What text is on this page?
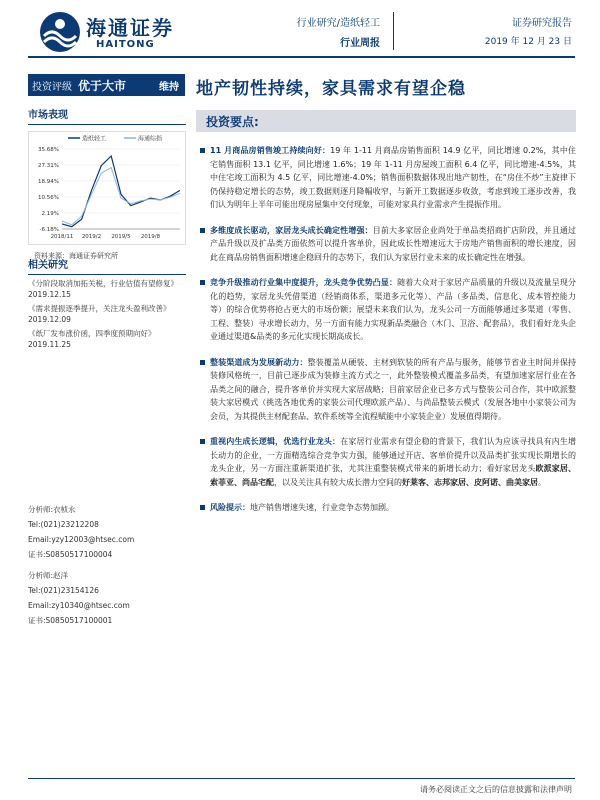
海通证券
HAITONG
行业研究/造纸轻工
行业周报
证券研究报告
2019 年 12 月 23 日
投资评级 优于大市	维持	地产韧性持续，家具需求有望企稳
市场表现
造纸轻工	海通综指
35.68%
27.31%
18.94%
10.56%
2.19%
-6.18%
2018/11 2019/2 2019/5 2019/8
资料来源：海通证券研究所
相关研究
《分阶段取消加拓关税，行业估值有望修复》
2019.12.15
《需求提振逐季提升，关注龙头盈利改善》
2019.12.09
《纸厂发布涨价函，四季度预期向好》
2019.11.25
分析师:衣桢永
Tel:(021)23212208
Email:yzy12003@htsec.com
证书:S0850517100004
分析师:赵洋
Tel:(021)23154126
Email:zy10340@htsec.com
证书:S0850517100001
投资要点:
11 月商品房销售竣工持续向好：19 年 1-11 月商品房销售面积 14.9 亿平，同比增速 0.2%，其中住宅销售面积 13.1 亿平，同比增速 1.6%；19 年 1-11 月房屋竣工面积 6.4 亿平，同比增速-4.5%，其中住宅竣工面积为 4.5 亿平，同比增速-4.0%；销售面积数据体现出地产韧性，在“房住不炒”主旋律下仍保持稳定增长的态势，竣工数据则逐月降幅收窄，与新开工数据逐步收敛，考虑到竣工逐步改善，我们认为明年上半年可能出现房屋集中交付现象，可能对家具行业需求产生提振作用。
多维度成长驱动，家居龙头成长确定性增强：目前大多家居企业尚处于单品类招商扩店阶段，并且通过产品升级以及扩品类方面依然可以提升客单价，因此成长性增速远大于房地产销售面积的增长速度，因此在商品房销售面积增速企稳回升的态势下，我们认为家居行业未来的成长确定性在增强。
竞争升级推动行业集中度提升，龙头竞争优势凸显：随着大众对于家居产品质量的升级以及流量呈现分化的趋势，家居龙头凭借渠道（经销商体系，渠道多元化等）、产品（多品类、信息化、成本管控能力等）的综合优势将抢占更大的市场份额；展望未来我们认为，龙头公司一方面能够通过多渠道（零售、工程、整装）寻求增长动力，另一方面有能力实现新品类融合（木门、卫浴、配套品），我们看好龙头企业通过渠道&品类的多元化实现长期高成长。
整装渠道成为发展新动力：整装覆盖从硬装、主材到软装的所有产品与服务，能够节省业主时间并保持装修风格统一，目前已逐步成为装修主流方式之一，此外整装模式覆盖多品类，有望加速家居行业在各品类之间的融合，提升客单价并实现大家居战略；目前家居企业已多方式与整装公司合作，其中欧派整装大家居模式（挑选各地优秀的家装公司代理欧派产品）、与尚品整装云模式（发展各地中小家装公司为会员，为其提供主材配套品、软件系统等全流程赋能中小家装企业）发展值得期待。
重视内生成长逻辑，优选行业龙头：在家居行业需求有望企稳的背景下，我们认为应该寻找具有内生增长动力的企业，一方面精选综合竞争实力强，能够通过开店、客单价提升以及品类扩张实现长期增长的龙头企业，另一方面注重新渠道扩张，尤其注重整装模式带来的新增长动力；看好家居龙头欧派家居、索菲亚、尚品宅配，以及关注具有较大成长潜力空间的好莱客、志邦家居、皮阿诺、曲美家居。
风险提示：地产销售增速失速，行业竞争态势加剧。
请务必阅读正文之后的信息披露和法律声明
